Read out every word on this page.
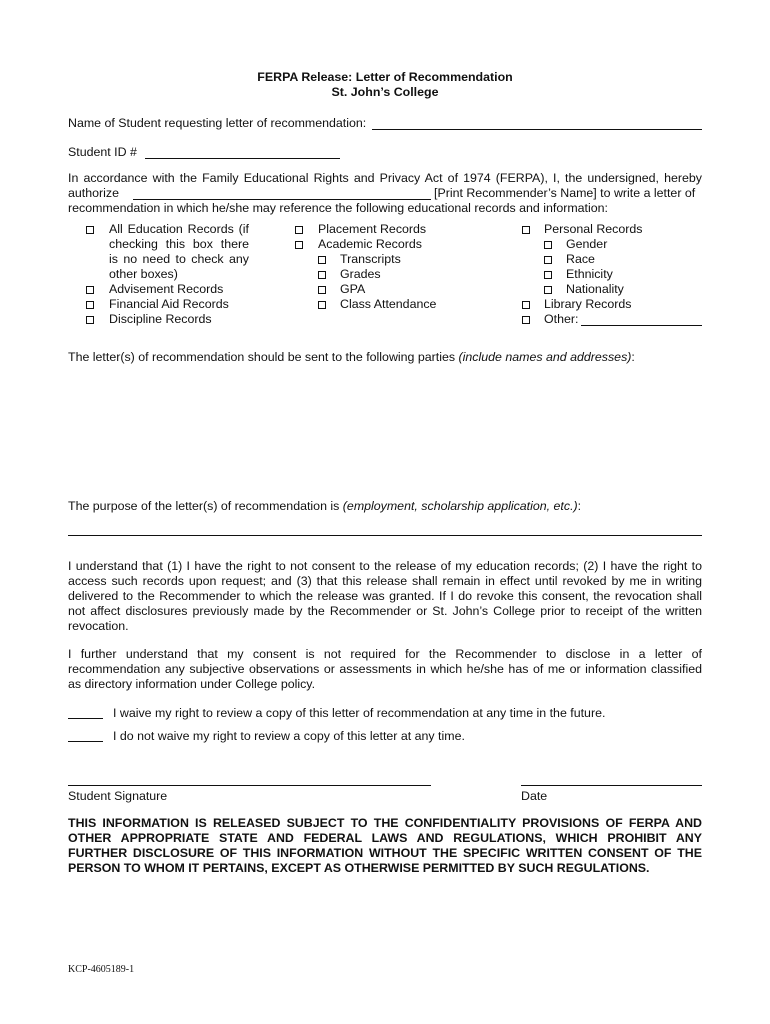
FERPA Release: Letter of Recommendation
St. John’s College
Name of Student requesting letter of recommendation:
Student ID #
In accordance with the Family Educational Rights and Privacy Act of 1974 (FERPA), I, the undersigned, hereby
authorize	[Print Recommender’s Name] to write a letter of
recommendation in which he/she may reference the following educational records and information:
All Education Records (if
checking this box there
is no need to check any
other boxes)
Advisement Records
Financial Aid Records
Discipline Records
Placement Records
Academic Records
Transcripts
Grades
GPA
Class Attendance
Personal Records
Gender
Race
Ethnicity
Nationality
Library Records
Other:
The letter(s) of recommendation should be sent to the following parties (include names and addresses):
The purpose of the letter(s) of recommendation is (employment, scholarship application, etc.):
I understand that (1) I have the right to not consent to the release of my education records; (2) I have the right to
access such records upon request; and (3) that this release shall remain in effect until revoked by me in writing
delivered to the Recommender to which the release was granted. If I do revoke this consent, the revocation shall
not affect disclosures previously made by the Recommender or St. John’s College prior to receipt of the written
revocation.
I further understand that my consent is not required for the Recommender to disclose in a letter of
recommendation any subjective observations or assessments in which he/she has of me or information classified
as directory information under College policy.
I waive my right to review a copy of this letter of recommendation at any time in the future.
I do not waive my right to review a copy of this letter at any time.
Student Signature	Date
THIS INFORMATION IS RELEASED SUBJECT TO THE CONFIDENTIALITY PROVISIONS OF FERPA AND
OTHER APPROPRIATE STATE AND FEDERAL LAWS AND REGULATIONS, WHICH PROHIBIT ANY
FURTHER DISCLOSURE OF THIS INFORMATION WITHOUT THE SPECIFIC WRITTEN CONSENT OF THE
PERSON TO WHOM IT PERTAINS, EXCEPT AS OTHERWISE PERMITTED BY SUCH REGULATIONS.
KCP-4605189-1
